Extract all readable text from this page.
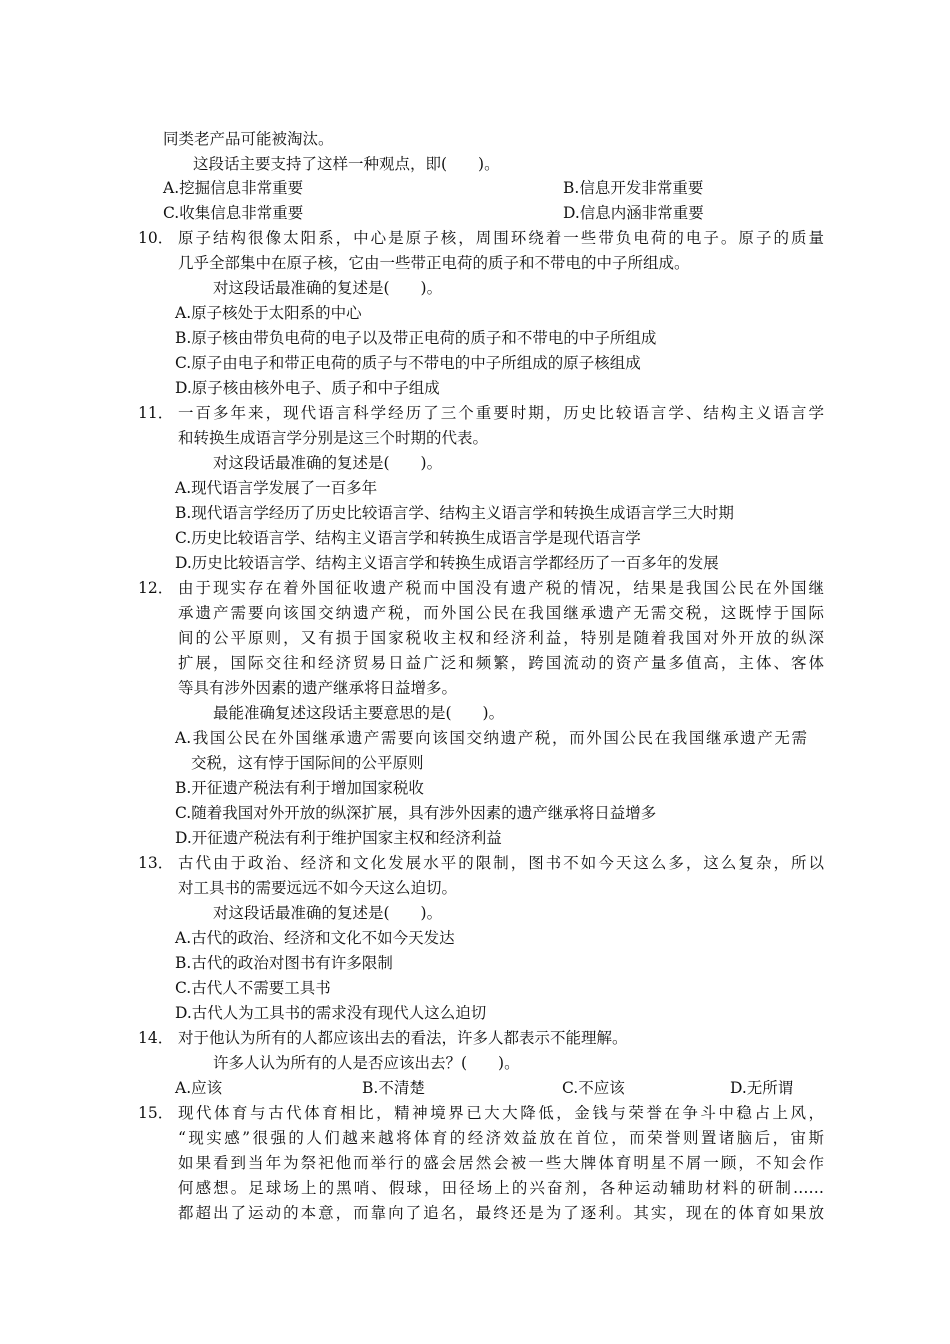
同类老产品可能被淘汰。
这段话主要支持了这样一种观点，即(　　)。
A.挖掘信息非常重要	B.信息开发非常重要
C.收集信息非常重要	D.信息内涵非常重要
10． 原子结构很像太阳系，中心是原子核，周围环绕着一些带负电荷的电子。原子的质量
几乎全部集中在原子核，它由一些带正电荷的质子和不带电的中子所组成。
对这段话最准确的复述是(　　)。
A.原子核处于太阳系的中心
B.原子核由带负电荷的电子以及带正电荷的质子和不带电的中子所组成
C.原子由电子和带正电荷的质子与不带电的中子所组成的原子核组成
D.原子核由核外电子、质子和中子组成
11． 一百多年来，现代语言科学经历了三个重要时期，历史比较语言学、结构主义语言学
和转换生成语言学分别是这三个时期的代表。
对这段话最准确的复述是(　　)。
A.现代语言学发展了一百多年
B.现代语言学经历了历史比较语言学、结构主义语言学和转换生成语言学三大时期
C.历史比较语言学、结构主义语言学和转换生成语言学是现代语言学
D.历史比较语言学、结构主义语言学和转换生成语言学都经历了一百多年的发展
12． 由于现实存在着外国征收遗产税而中国没有遗产税的情况，结果是我国公民在外国继
承遗产需要向该国交纳遗产税，而外国公民在我国继承遗产无需交税，这既悖于国际
间的公平原则，又有损于国家税收主权和经济利益，特别是随着我国对外开放的纵深
扩展，国际交往和经济贸易日益广泛和频繁，跨国流动的资产量多值高，主体、客体
等具有涉外因素的遗产继承将日益增多。
最能准确复述这段话主要意思的是(　　)。
A.我国公民在外国继承遗产需要向该国交纳遗产税，而外国公民在我国继承遗产无需
交税，这有悖于国际间的公平原则
B.开征遗产税法有利于增加国家税收
C.随着我国对外开放的纵深扩展，具有涉外因素的遗产继承将日益增多
D.开征遗产税法有利于维护国家主权和经济利益
13． 古代由于政治、经济和文化发展水平的限制，图书不如今天这么多，这么复杂，所以
对工具书的需要远远不如今天这么迫切。
对这段话最准确的复述是(　　)。
A.古代的政治、经济和文化不如今天发达
B.古代的政治对图书有许多限制
C.古代人不需要工具书
D.古代人为工具书的需求没有现代人这么迫切
14． 对于他认为所有的人都应该出去的看法，许多人都表示不能理解。
许多人认为所有的人是否应该出去？(　　)。
A.应该	B.不清楚	C.不应该	D.无所谓
15． 现代体育与古代体育相比，精神境界已大大降低，金钱与荣誉在争斗中稳占上风，
“现实感”很强的人们越来越将体育的经济效益放在首位，而荣誉则置诸脑后，宙斯
如果看到当年为祭祀他而举行的盛会居然会被一些大牌体育明星不屑一顾，不知会作
何感想。足球场上的黑哨、假球，田径场上的兴奋剂，各种运动辅助材料的研制……
都超出了运动的本意，而靠向了追名，最终还是为了逐利。其实，现在的体育如果放
